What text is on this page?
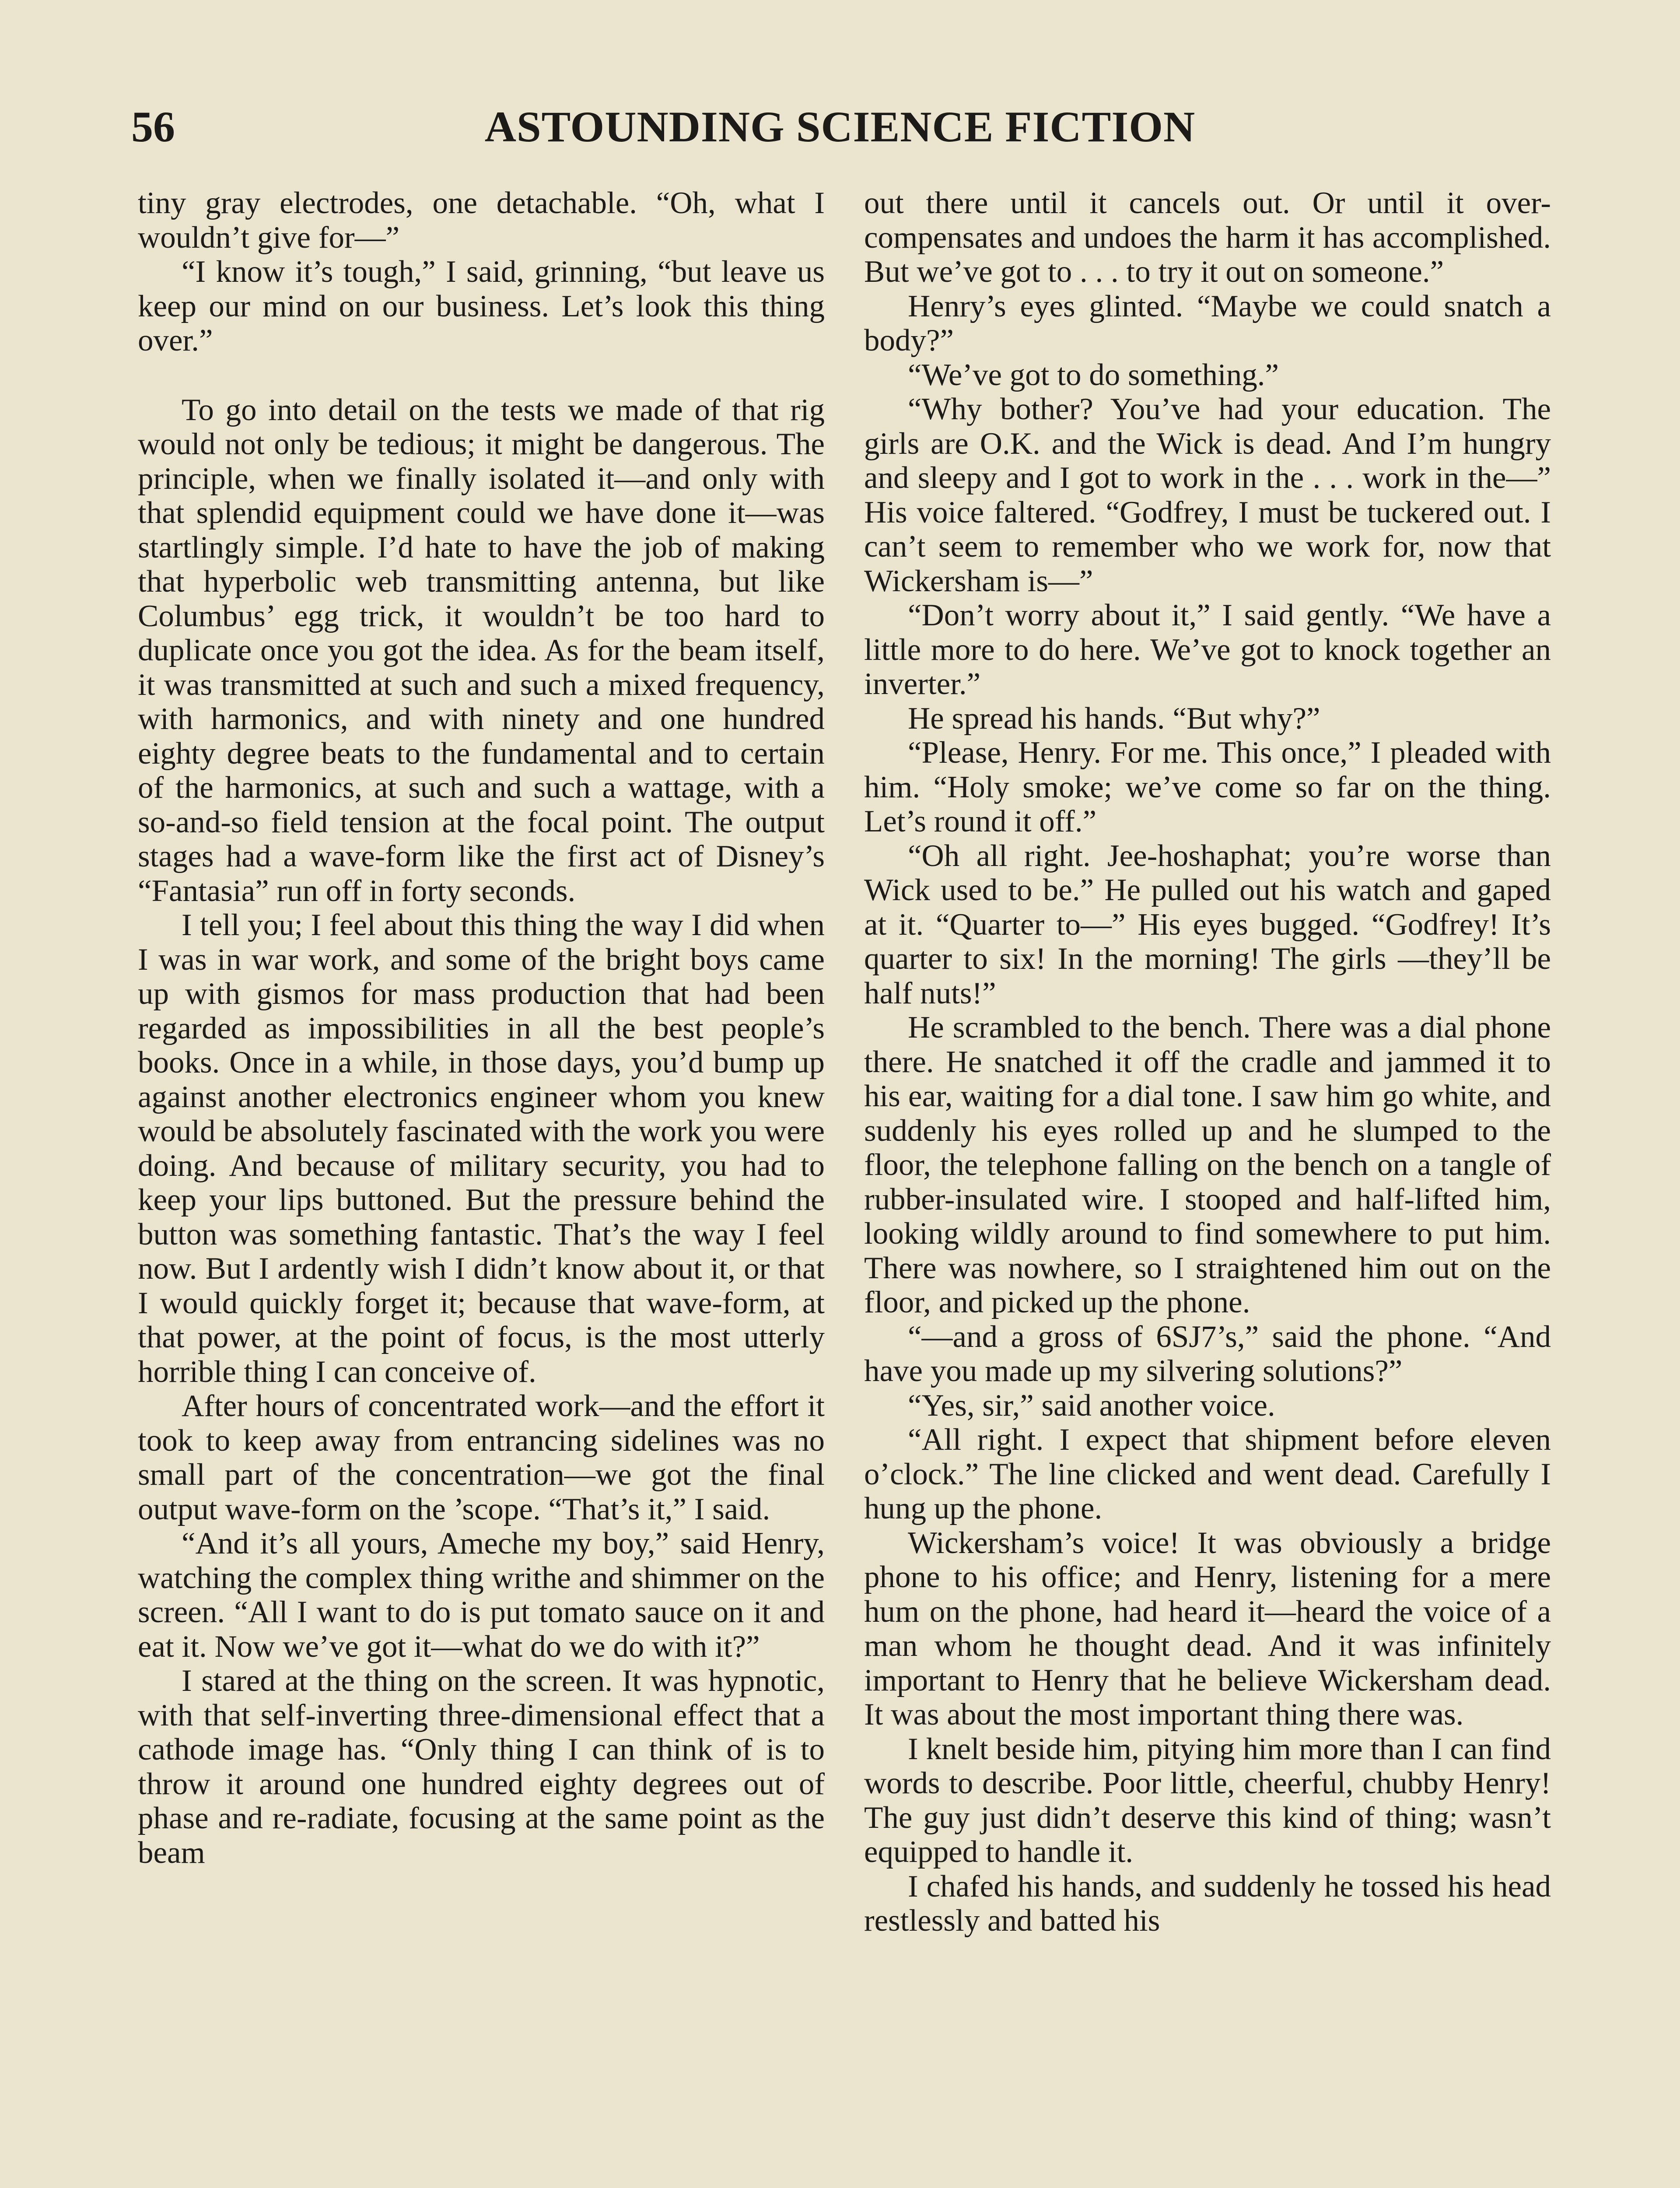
56	ASTOUNDING SCIENCE FICTION

tiny gray electrodes, one detachable. “Oh, what I wouldn’t give for—”

“I know it’s tough,” I said, grinning, “but leave us keep our mind on our business. Let’s look this thing over.”

To go into detail on the tests we made of that rig would not only be tedious; it might be dangerous. The principle, when we finally isolated it—and only with that splendid equipment could we have done it—was startlingly simple. I’d hate to have the job of making that hyperbolic web transmitting antenna, but like Columbus’ egg trick, it wouldn’t be too hard to duplicate once you got the idea. As for the beam itself, it was transmitted at such and such a mixed frequency, with harmonics, and with ninety and one hundred eighty degree beats to the fundamental and to certain of the harmonics, at such and such a wattage, with a so-and-so field tension at the focal point. The output stages had a wave-form like the first act of Disney’s “Fantasia” run off in forty seconds.

I tell you; I feel about this thing the way I did when I was in war work, and some of the bright boys came up with gismos for mass production that had been regarded as impossibilities in all the best people’s books. Once in a while, in those days, you’d bump up against another electronics engineer whom you knew would be absolutely fascinated with the work you were doing. And because of military security, you had to keep your lips buttoned. But the pressure behind the button was something fantastic. That’s the way I feel now. But I ardently wish I didn’t know about it, or that I would quickly forget it; because that wave-form, at that power, at the point of focus, is the most utterly horrible thing I can conceive of.

After hours of concentrated work—and the effort it took to keep away from entrancing sidelines was no small part of the concentration—we got the final output wave-form on the ’scope. “That’s it,” I said.

“And it’s all yours, Ameche my boy,” said Henry, watching the complex thing writhe and shimmer on the screen. “All I want to do is put tomato sauce on it and eat it. Now we’ve got it—what do we do with it?”

I stared at the thing on the screen. It was hypnotic, with that self-inverting three-dimensional effect that a cathode image has. “Only thing I can think of is to throw it around one hundred eighty degrees out of phase and re-radiate, focusing at the same point as the beam

out there until it cancels out. Or until it over-compensates and undoes the harm it has accomplished. But we’ve got to . . . to try it out on someone.”

Henry’s eyes glinted. “Maybe we could snatch a body?”

“We’ve got to do something.”

“Why bother? You’ve had your education. The girls are O.K. and the Wick is dead. And I’m hungry and sleepy and I got to work in the . . . work in the—” His voice faltered. “Godfrey, I must be tuckered out. I can’t seem to remember who we work for, now that Wickersham is—”

“Don’t worry about it,” I said gently. “We have a little more to do here. We’ve got to knock together an inverter.”

He spread his hands. “But why?”

“Please, Henry. For me. This once,” I pleaded with him. “Holy smoke; we’ve come so far on the thing. Let’s round it off.”

“Oh all right. Jee-hoshaphat; you’re worse than Wick used to be.” He pulled out his watch and gaped at it. “Quarter to—” His eyes bugged. “Godfrey! It’s quarter to six! In the morning! The girls —they’ll be half nuts!”

He scrambled to the bench. There was a dial phone there. He snatched it off the cradle and jammed it to his ear, waiting for a dial tone. I saw him go white, and suddenly his eyes rolled up and he slumped to the floor, the telephone falling on the bench on a tangle of rubber-insulated wire. I stooped and half-lifted him, looking wildly around to find somewhere to put him. There was nowhere, so I straightened him out on the floor, and picked up the phone.

“—and a gross of 6SJ7’s,” said the phone. “And have you made up my silvering solutions?”

“Yes, sir,” said another voice.

“All right. I expect that shipment before eleven o’clock.” The line clicked and went dead. Carefully I hung up the phone.

Wickersham’s voice! It was obviously a bridge phone to his office; and Henry, listening for a mere hum on the phone, had heard it—heard the voice of a man whom he thought dead. And it was infinitely important to Henry that he believe Wickersham dead. It was about the most important thing there was.

I knelt beside him, pitying him more than I can find words to describe. Poor little, cheerful, chubby Henry! The guy just didn’t deserve this kind of thing; wasn’t equipped to handle it.

I chafed his hands, and suddenly he tossed his head restlessly and batted his
